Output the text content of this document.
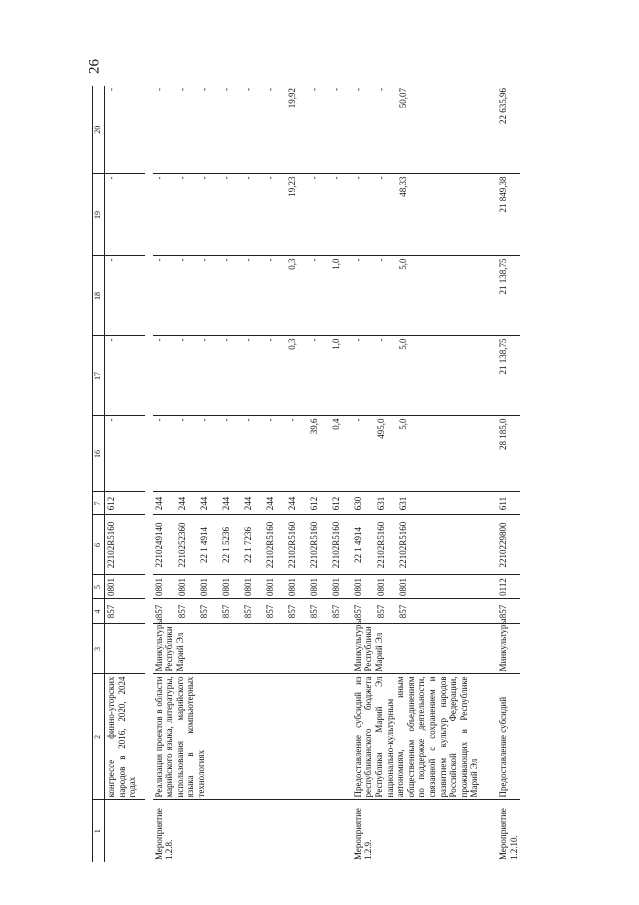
26
1	2	3	4	5	6	7	16	17	18	19	20
	конгрессе финно-угорских народов в 2016, 2020, 2024 годах		857	0801	22102R5160	612	-	-	-	-	-

Мероприятие 1.2.8.	Реализация проектов в области марийского языка, литературы, использования марийского языка в компьютерных технологиях	Минкультуры Республики Марий Эл	857	0801	2210249140	244	-	-	-	-	-
			857	0801	2210252360	244	-	-	-	-	-
			857	0801	22 1 4914	244	-	-	-	-	-
			857	0801	22 1 5236	244	-	-	-	-	-
			857	0801	22 1 7236	244	-	-	-	-	-
			857	0801	22102R5160	244	-	-	-	-	-
			857	0801	22102R5160	244	-	0,3	0,3	19,23	19,92
			857	0801	22102R5160	612	39,6	-	-	-	-
			857	0801	22102R5160	612	0,4	1,0	1,0	-	-
Мероприятие 1.2.9.	Предоставление субсидий из республиканского бюджета Республики Марий Эл национально-культурным автономиям, иным общественным объединениям по поддержке деятельности, связанной с сохранением и развитием культур народов Российской Федерации, проживающих в Республике Марий Эл	Минкультуры Республики Марий Эл	857	0801	22 1 4914	630	-	-	-	-	-
			857	0801	22102R5160	631	495,0	-	-	-	-
			857	0801	22102R5160	631	5,0	5,0	5,0	48,33	50,07
Мероприятие 1.2.10.	Предоставление субсидий	Минкультуры	857	0112	2210229800	611	28 185,0	21 138,75	21 138,75	21 849,38	22 635,96
